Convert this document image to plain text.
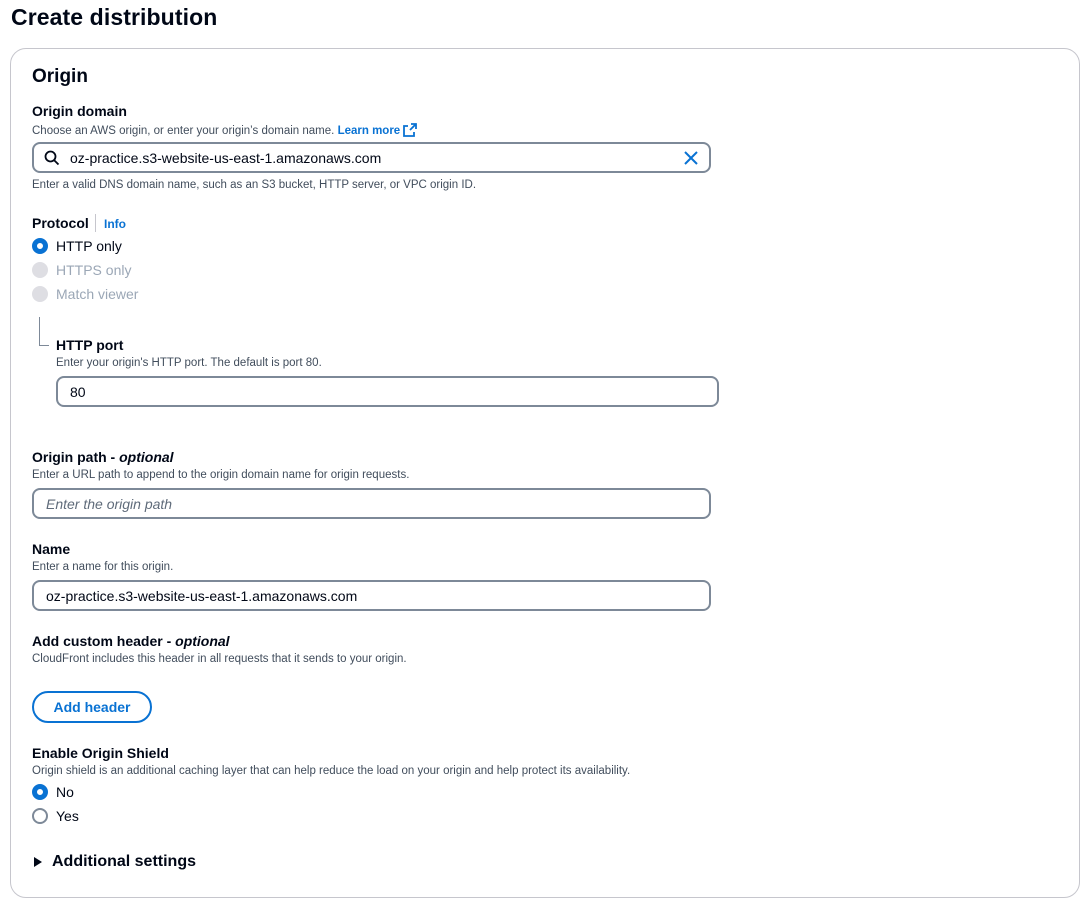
Create distribution
Origin
Origin domain
Choose an AWS origin, or enter your origin’s domain name. Learn more
oz-practice.s3-website-us-east-1.amazonaws.com
Enter a valid DNS domain name, such as an S3 bucket, HTTP server, or VPC origin ID.
Protocol Info
HTTP only
HTTPS only
Match viewer
HTTP port
Enter your origin's HTTP port. The default is port 80.
80
Origin path - optional
Enter a URL path to append to the origin domain name for origin requests.
Enter the origin path
Name
Enter a name for this origin.
oz-practice.s3-website-us-east-1.amazonaws.com
Add custom header - optional
CloudFront includes this header in all requests that it sends to your origin.
Add header
Enable Origin Shield
Origin shield is an additional caching layer that can help reduce the load on your origin and help protect its availability.
No
Yes
Additional settings
